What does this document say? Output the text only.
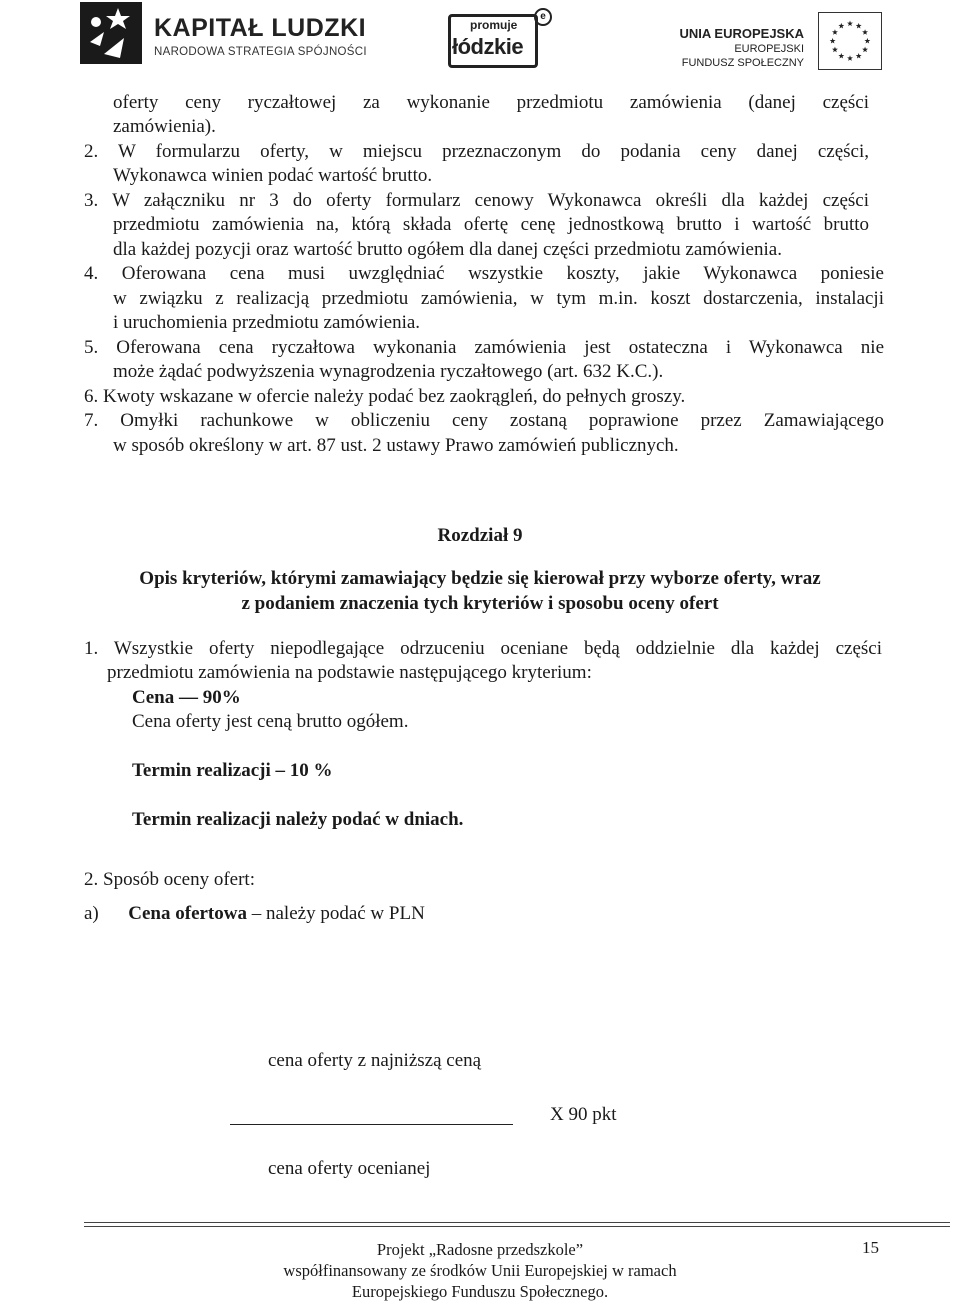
KAPITAŁ LUDZKI
NARODOWA STRATEGIA SPÓJNOŚCI
promuje
łódzkie
e
UNIA EUROPEJSKA
EUROPEJSKI
FUNDUSZ SPOŁECZNY
oferty ceny ryczałtowej za wykonanie przedmiotu zamówienia (danej części
zamówienia).
2. W formularzu oferty, w miejscu przeznaczonym do podania ceny danej części,
Wykonawca winien podać wartość brutto.
3. W załączniku nr 3 do oferty formularz cenowy Wykonawca określi dla każdej części
przedmiotu zamówienia na, którą składa ofertę cenę jednostkową brutto i wartość brutto
dla każdej pozycji oraz wartość brutto ogółem dla danej części przedmiotu zamówienia.
4. Oferowana cena musi uwzględniać wszystkie koszty, jakie Wykonawca poniesie
w związku z realizacją przedmiotu zamówienia, w tym m.in. koszt dostarczenia, instalacji
i uruchomienia przedmiotu zamówienia.
5. Oferowana cena ryczałtowa wykonania zamówienia jest ostateczna i Wykonawca nie
może żądać podwyższenia wynagrodzenia ryczałtowego (art. 632 K.C.).
6. Kwoty wskazane w ofercie należy podać bez zaokrągleń, do pełnych groszy.
7. Omyłki rachunkowe w obliczeniu ceny zostaną poprawione przez Zamawiającego
w sposób określony w art. 87 ust. 2 ustawy Prawo zamówień publicznych.
Rozdział 9
Opis kryteriów, którymi zamawiający będzie się kierował przy wyborze oferty, wraz
z podaniem znaczenia tych kryteriów i sposobu oceny ofert
1. Wszystkie oferty niepodlegające odrzuceniu oceniane będą oddzielnie dla każdej części
przedmiotu zamówienia na podstawie następującego kryterium:
Cena — 90%
Cena oferty jest ceną brutto ogółem.
Termin realizacji – 10 %
Termin realizacji należy podać w dniach.
2. Sposób oceny ofert:
a) Cena ofertowa – należy podać w PLN
cena oferty z najniższą ceną
X 90 pkt
cena oferty ocenianej
Projekt „Radosne przedszkole”
współfinansowany ze środków Unii Europejskiej w ramach
Europejskiego Funduszu Społecznego.
15
